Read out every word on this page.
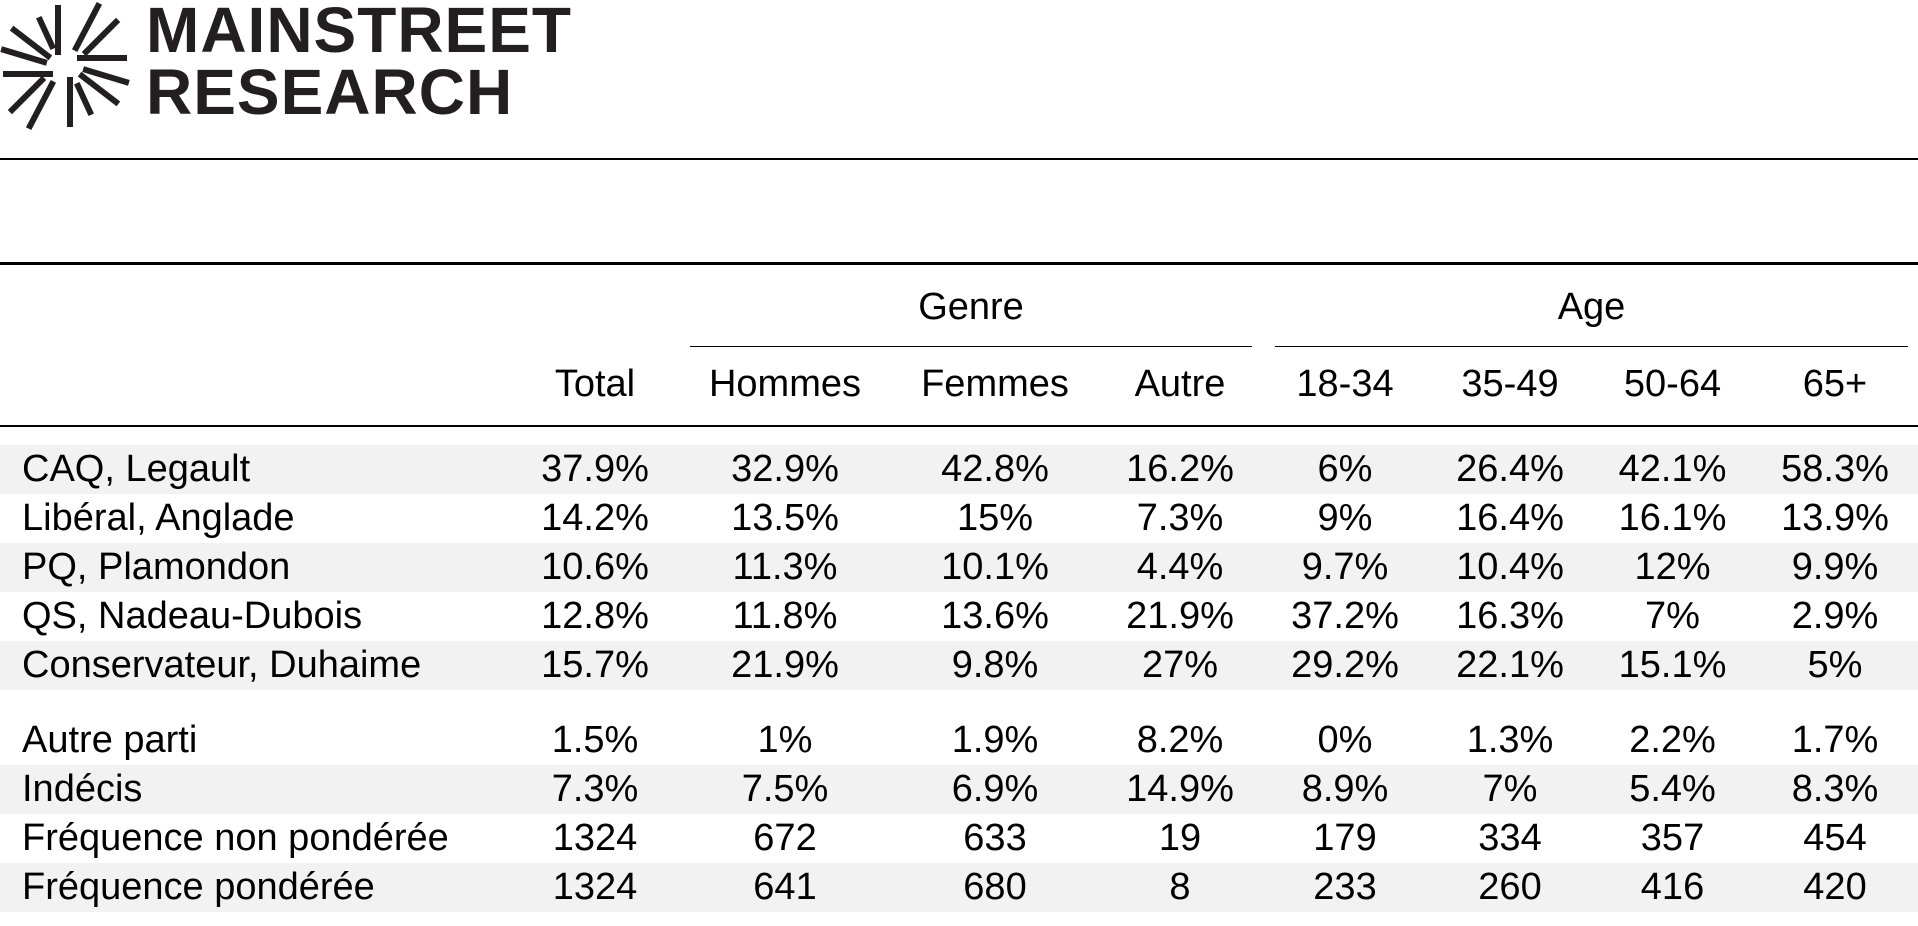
MAINSTREET
RESEARCH
Genre	Age
Total	Hommes	Femmes	Autre	18-34	35-49	50-64	65+
CAQ, Legault	37.9%	32.9%	42.8%	16.2%	6%	26.4%	42.1%	58.3%
Libéral, Anglade	14.2%	13.5%	15%	7.3%	9%	16.4%	16.1%	13.9%
PQ, Plamondon	10.6%	11.3%	10.1%	4.4%	9.7%	10.4%	12%	9.9%
QS, Nadeau-Dubois	12.8%	11.8%	13.6%	21.9%	37.2%	16.3%	7%	2.9%
Conservateur, Duhaime	15.7%	21.9%	9.8%	27%	29.2%	22.1%	15.1%	5%
Autre parti	1.5%	1%	1.9%	8.2%	0%	1.3%	2.2%	1.7%
Indécis	7.3%	7.5%	6.9%	14.9%	8.9%	7%	5.4%	8.3%
Fréquence non pondérée	1324	672	633	19	179	334	357	454
Fréquence pondérée	1324	641	680	8	233	260	416	420
